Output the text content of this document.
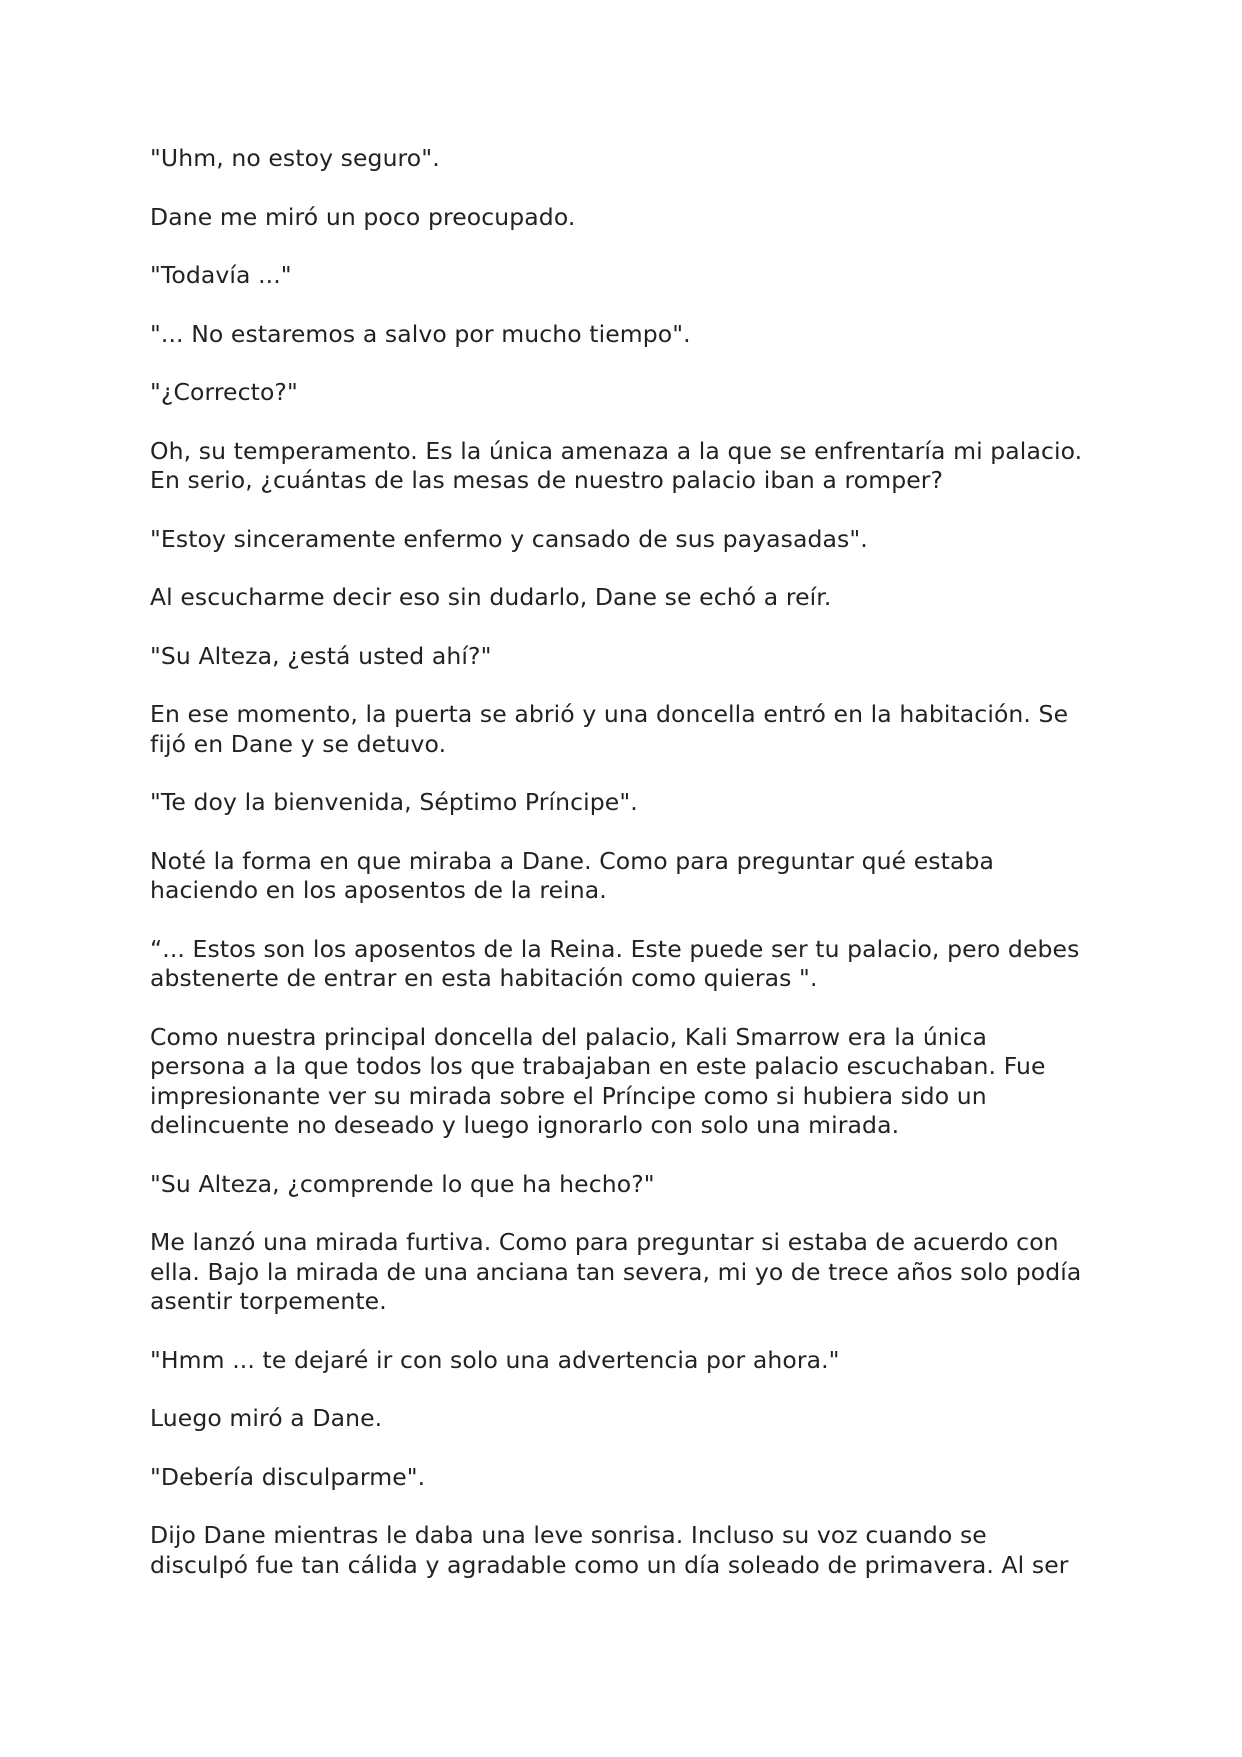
"Uhm, no estoy seguro".

Dane me miró un poco preocupado.

"Todavía ..."

"... No estaremos a salvo por mucho tiempo".

"¿Correcto?"

Oh, su temperamento. Es la única amenaza a la que se enfrentaría mi palacio.
En serio, ¿cuántas de las mesas de nuestro palacio iban a romper?

"Estoy sinceramente enfermo y cansado de sus payasadas".

Al escucharme decir eso sin dudarlo, Dane se echó a reír.

"Su Alteza, ¿está usted ahí?"

En ese momento, la puerta se abrió y una doncella entró en la habitación. Se
fijó en Dane y se detuvo.

"Te doy la bienvenida, Séptimo Príncipe".

Noté la forma en que miraba a Dane. Como para preguntar qué estaba
haciendo en los aposentos de la reina.

“... Estos son los aposentos de la Reina. Este puede ser tu palacio, pero debes
abstenerte de entrar en esta habitación como quieras ".

Como nuestra principal doncella del palacio, Kali Smarrow era la única
persona a la que todos los que trabajaban en este palacio escuchaban. Fue
impresionante ver su mirada sobre el Príncipe como si hubiera sido un
delincuente no deseado y luego ignorarlo con solo una mirada.

"Su Alteza, ¿comprende lo que ha hecho?"

Me lanzó una mirada furtiva. Como para preguntar si estaba de acuerdo con
ella. Bajo la mirada de una anciana tan severa, mi yo de trece años solo podía
asentir torpemente.

"Hmm ... te dejaré ir con solo una advertencia por ahora."

Luego miró a Dane.

"Debería disculparme".

Dijo Dane mientras le daba una leve sonrisa. Incluso su voz cuando se
disculpó fue tan cálida y agradable como un día soleado de primavera. Al ser
